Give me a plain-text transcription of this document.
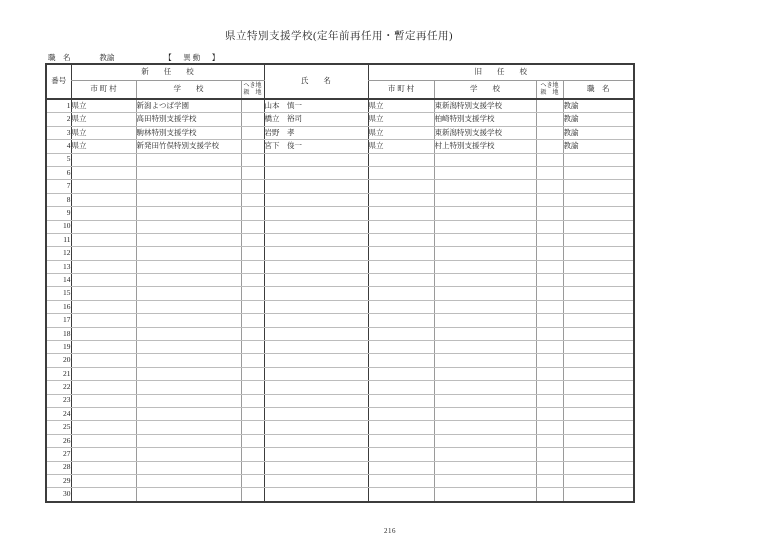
県立特別支援学校(定年前再任用・暫定再任用)
職　名	教諭	【　異動　】
番号	新　　任　　校			氏　　名	旧　　任　　校			
	市 町 村	学　　校	へき地
級　地		市 町 村	学　　校	へき地
級　地	職　名
1	県立	新潟よつば学園		山本　慎一	県立	東新潟特別支援学校		教諭
2	県立	高田特別支援学校		橋立　裕司	県立	柏崎特別支援学校		教諭
3	県立	駒林特別支援学校		岩野　孝	県立	東新潟特別支援学校		教諭
4	県立	新発田竹俣特別支援学校		宮下　俊一	県立	村上特別支援学校		教諭
5								
6								
7								
8								
9								
10								
11								
12								
13								
14								
15								
16								
17								
18								
19								
20								
21								
22								
23								
24								
25								
26								
27								
28								
29								
30								
216
